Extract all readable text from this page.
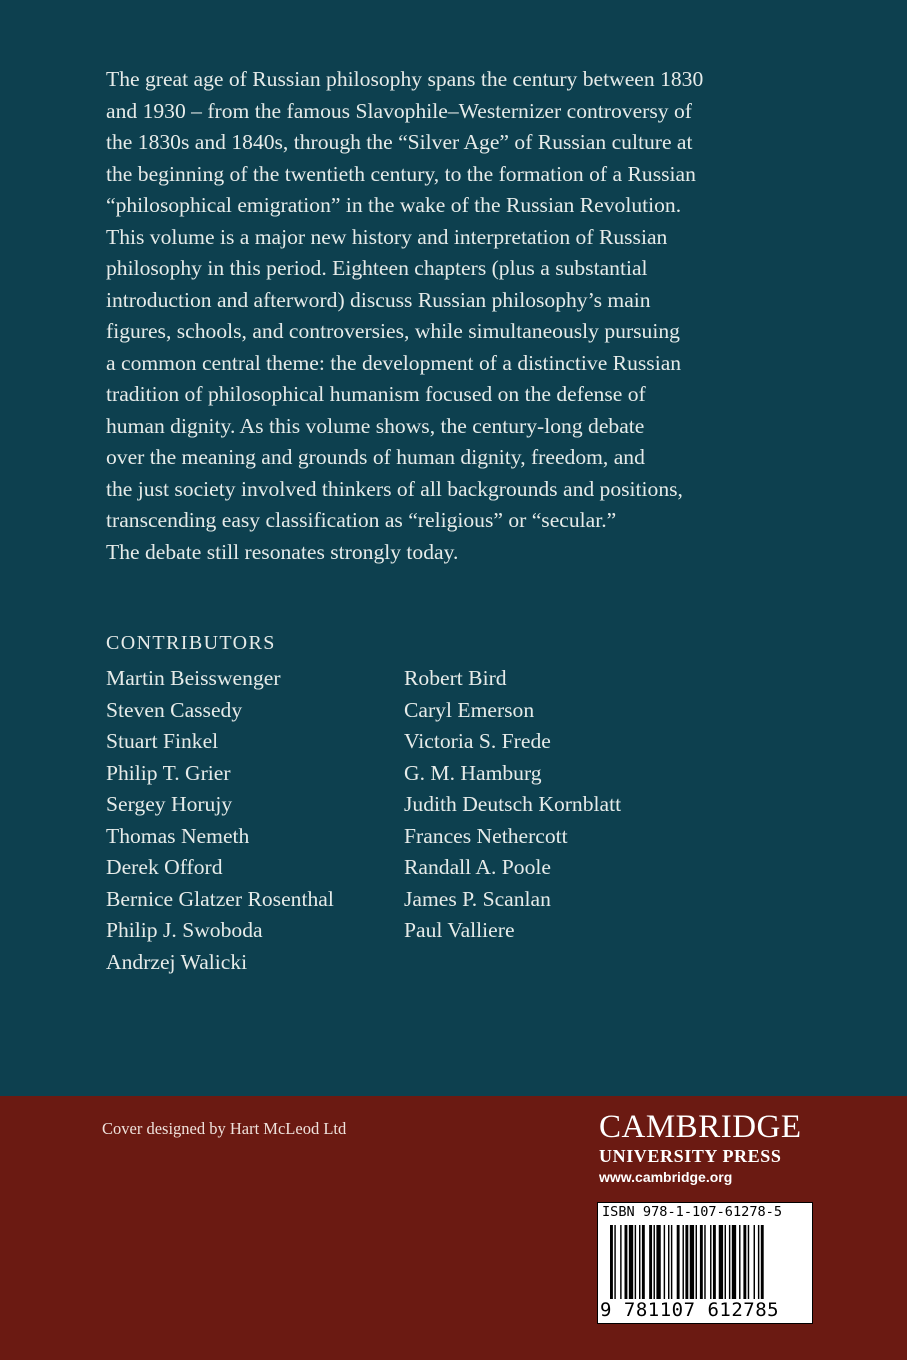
The great age of Russian philosophy spans the century between 1830
and 1930 – from the famous Slavophile–Westernizer controversy of
the 1830s and 1840s, through the “Silver Age” of Russian culture at
the beginning of the twentieth century, to the formation of a Russian
“philosophical emigration” in the wake of the Russian Revolution.
This volume is a major new history and interpretation of Russian
philosophy in this period. Eighteen chapters (plus a substantial
introduction and afterword) discuss Russian philosophy’s main
figures, schools, and controversies, while simultaneously pursuing
a common central theme: the development of a distinctive Russian
tradition of philosophical humanism focused on the defense of
human dignity. As this volume shows, the century-long debate
over the meaning and grounds of human dignity, freedom, and
the just society involved thinkers of all backgrounds and positions,
transcending easy classification as “religious” or “secular.”
The debate still resonates strongly today.

CONTRIBUTORS
Martin Beisswenger
Steven Cassedy
Stuart Finkel
Philip T. Grier
Sergey Horujy
Thomas Nemeth
Derek Offord
Bernice Glatzer Rosenthal
Philip J. Swoboda
Andrzej Walicki
Robert Bird
Caryl Emerson
Victoria S. Frede
G. M. Hamburg
Judith Deutsch Kornblatt
Frances Nethercott
Randall A. Poole
James P. Scanlan
Paul Valliere

Cover designed by Hart McLeod Ltd	CAMBRIDGE
UNIVERSITY PRESS
www.cambridge.org

ISBN 978-1-107-61278-5

9 781107 612785
